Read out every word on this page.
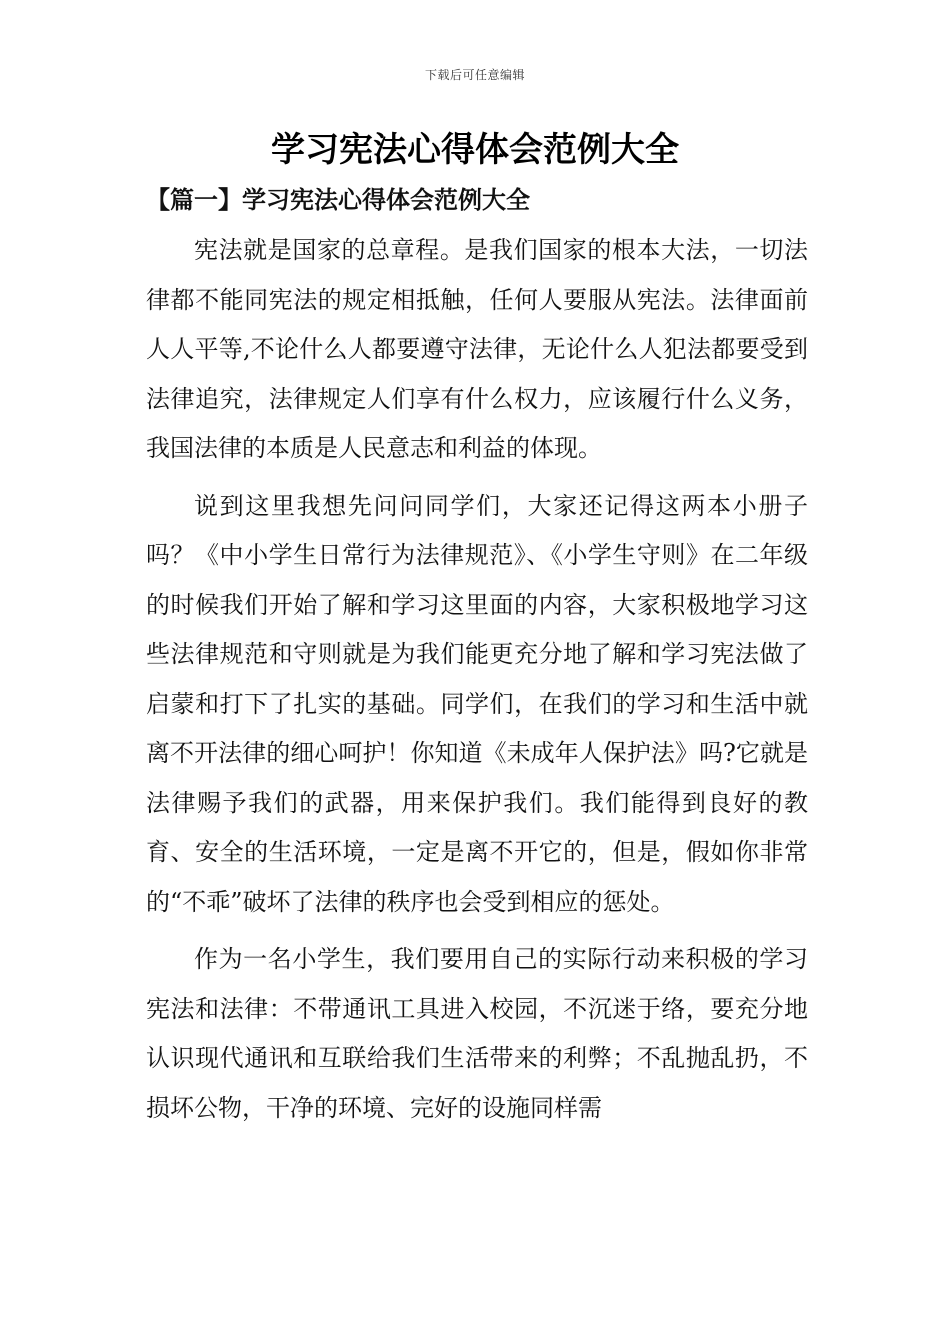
下载后可任意编辑
学习宪法心得体会范例大全
【篇一】学习宪法心得体会范例大全

宪法就是国家的总章程。是我们国家的根本大法，一切法律都不能同宪法的规定相抵触，任何人要服从宪法。法律面前人人平等,不论什么人都要遵守法律，无论什么人犯法都要受到法律追究，法律规定人们享有什么权力，应该履行什么义务，我国法律的本质是人民意志和利益的体现。

说到这里我想先问问同学们，大家还记得这两本小册子吗？《中小学生日常行为法律规范》、《小学生守则》在二年级的时候我们开始了解和学习这里面的内容，大家积极地学习这些法律规范和守则就是为我们能更充分地了解和学习宪法做了启蒙和打下了扎实的基础。同学们，在我们的学习和生活中就离不开法律的细心呵护！你知道《未成年人保护法》吗?它就是法律赐予我们的武器，用来保护我们。我们能得到良好的教育、安全的生活环境，一定是离不开它的，但是，假如你非常的“不乖”破坏了法律的秩序也会受到相应的惩处。

作为一名小学生，我们要用自己的实际行动来积极的学习宪法和法律：不带通讯工具进入校园，不沉迷于络，要充分地认识现代通讯和互联给我们生活带来的利弊；不乱抛乱扔，不损坏公物，干净的环境、完好的设施同样需
